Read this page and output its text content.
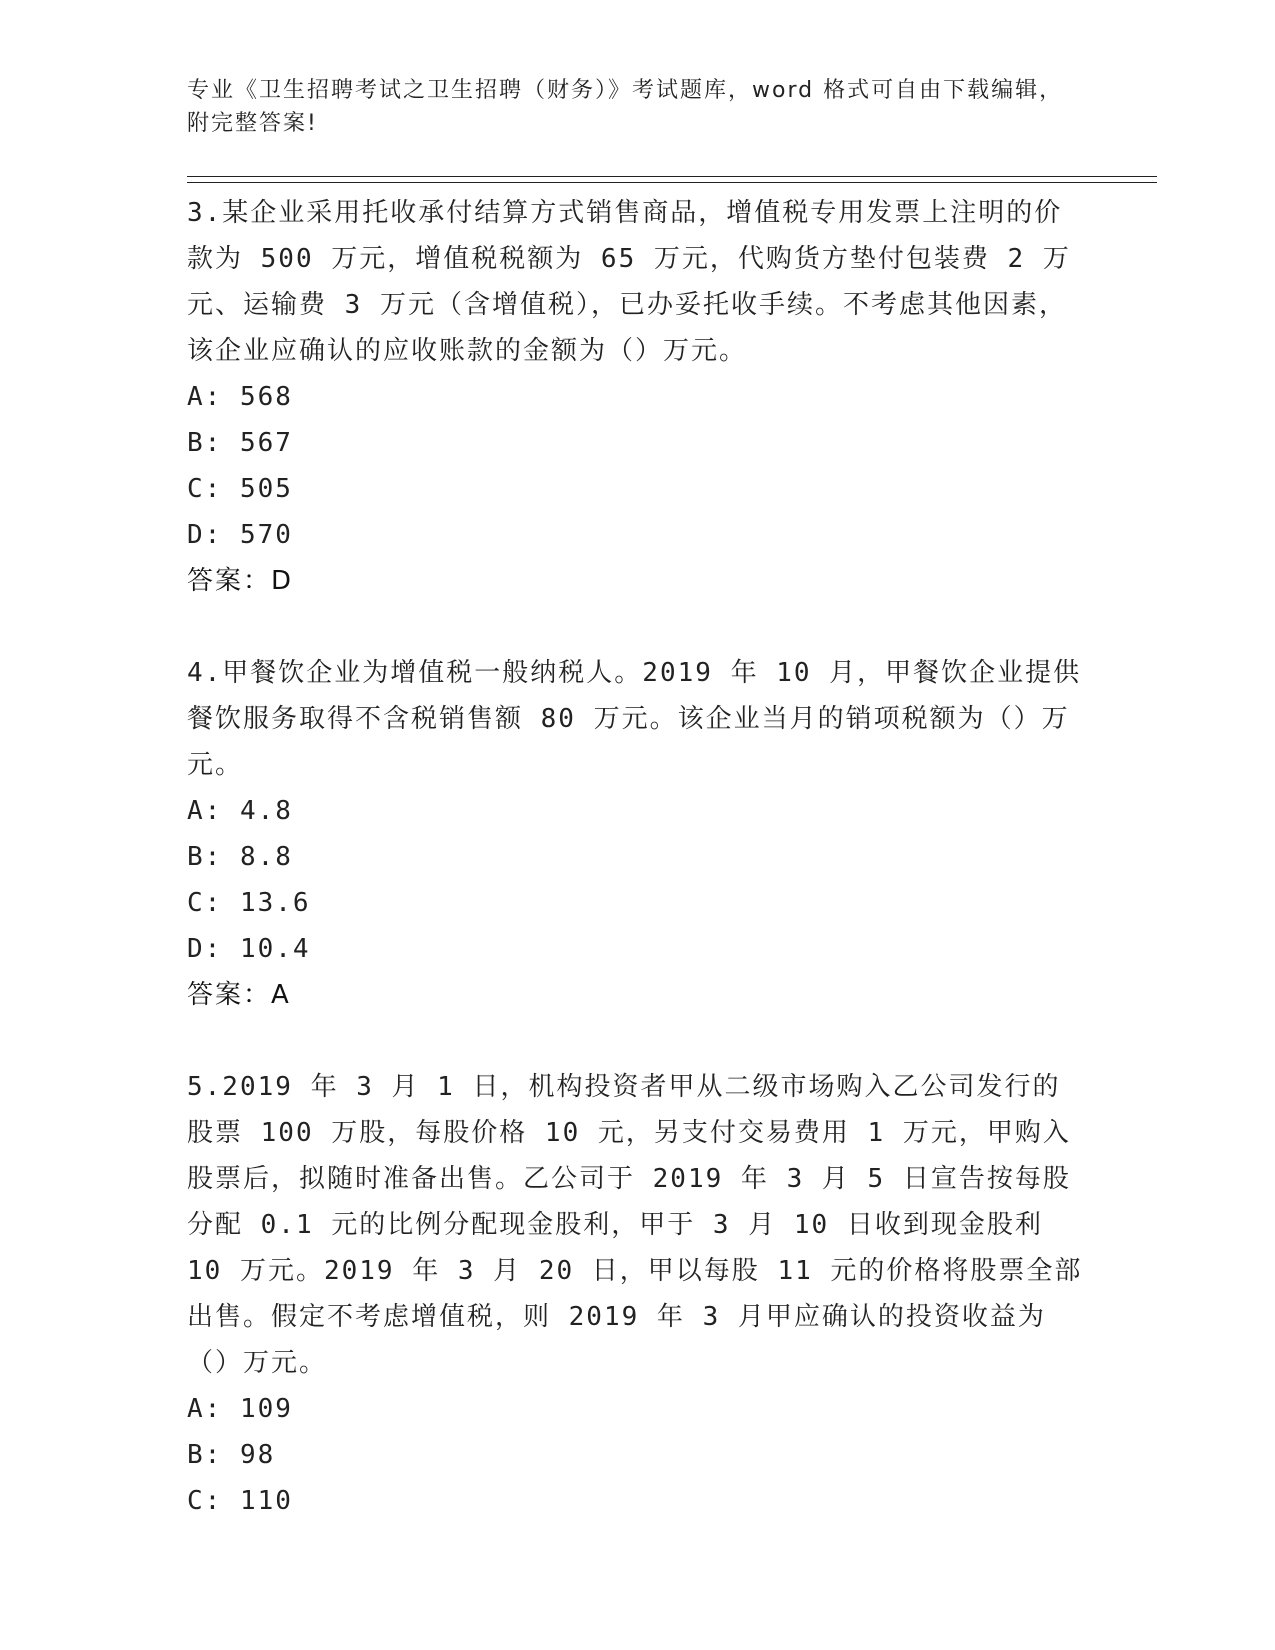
专业《卫生招聘考试之卫生招聘（财务）》考试题库，word 格式可自由下载编辑，附完整答案!

3.某企业采用托收承付结算方式销售商品，增值税专用发票上注明的价款为 500 万元，增值税税额为 65 万元，代购货方垫付包装费 2 万元、运输费 3 万元（含增值税），已办妥托收手续。不考虑其他因素，该企业应确认的应收账款的金额为（）万元。

A: 568

B: 567

C: 505

D: 570

答案：D

4.甲餐饮企业为增值税一般纳税人。2019 年 10 月，甲餐饮企业提供餐饮服务取得不含税销售额 80 万元。该企业当月的销项税额为（）万元。

A: 4.8

B: 8.8

C: 13.6

D: 10.4

答案：A

5.2019 年 3 月 1 日，机构投资者甲从二级市场购入乙公司发行的股票 100 万股，每股价格 10 元，另支付交易费用 1 万元，甲购入股票后，拟随时准备出售。乙公司于 2019 年 3 月 5 日宣告按每股分配 0.1 元的比例分配现金股利，甲于 3 月 10 日收到现金股利 10 万元。2019 年 3 月 20 日，甲以每股 11 元的价格将股票全部出售。假定不考虑增值税，则 2019 年 3 月甲应确认的投资收益为（）万元。

A: 109

B: 98

C: 110
